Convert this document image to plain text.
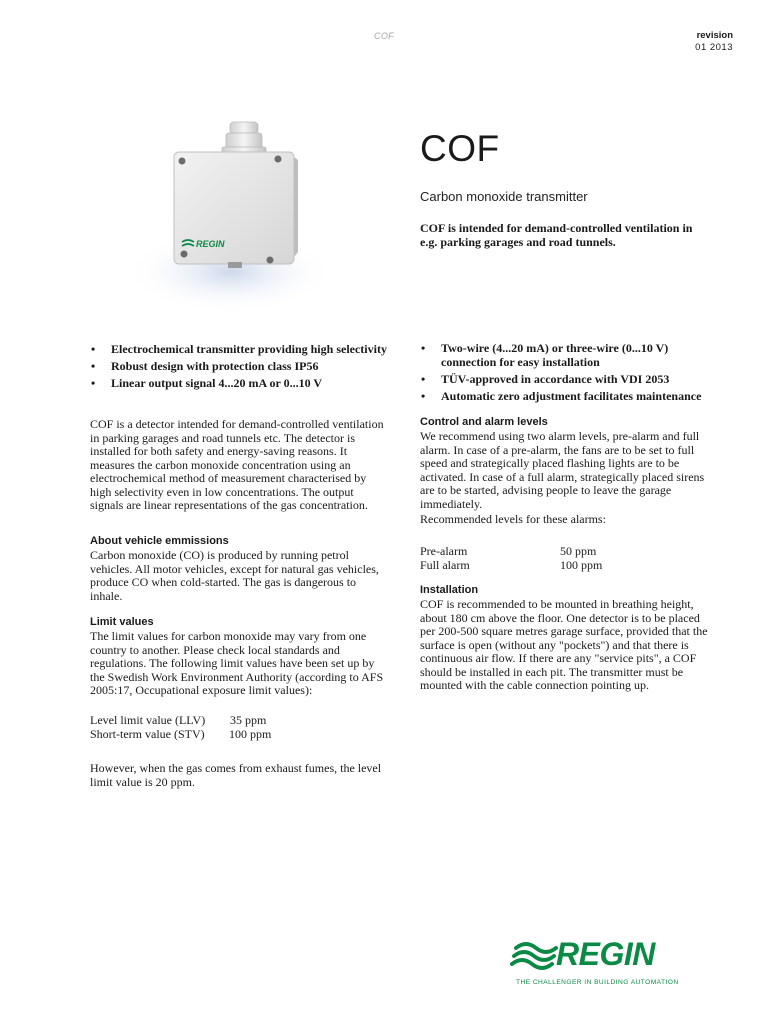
COF	revision
01 2013
REGIN
COF
Carbon monoxide transmitter
COF is intended for demand-controlled ventilation in e.g. parking garages and road tunnels.
• Electrochemical transmitter providing high selectivity
• Robust design with protection class IP56
• Linear output signal 4...20 mA or 0...10 V
• Two-wire (4...20 mA) or three-wire (0...10 V) connection for easy installation
• TÜV-approved in accordance with VDI 2053
• Automatic zero adjustment facilitates maintenance

COF is a detector intended for demand-controlled ventilation in parking garages and road tunnels etc. The detector is installed for both safety and energy-saving reasons. It measures the carbon monoxide concentration using an electrochemical method of measurement characterised by high selectivity even in low concentrations. The output signals are linear representations of the gas concentration.

About vehicle emmissions

Carbon monoxide (CO) is produced by running petrol vehicles. All motor vehicles, except for natural gas vehicles, produce CO when cold-started. The gas is dangerous to inhale.

Limit values

The limit values for carbon monoxide may vary from one country to another. Please check local standards and regulations. The following limit values have been set up by the Swedish Work Environment Authority (according to AFS 2005:17, Occupational exposure limit values):

Level limit value (LLV)	35 ppm
Short-term value (STV)	100 ppm

However, when the gas comes from exhaust fumes, the level limit value is 20 ppm.

Control and alarm levels

We recommend using two alarm levels, pre-alarm and full alarm. In case of a pre-alarm, the fans are to be set to full speed and strategically placed flashing lights are to be activated. In case of a full alarm, strategically placed sirens are to be started, advising people to leave the garage immediately.

Recommended levels for these alarms:

Pre-alarm	50 ppm
Full alarm	100 ppm
Installation

COF is recommended to be mounted in breathing height, about 180 cm above the floor. One detector is to be placed per 200-500 square metres garage surface, provided that the surface is open (without any "pockets") and that there is continuous air flow. If there are any "service pits", a COF should be installed in each pit. The transmitter must be mounted with the cable connection pointing up.

REGIN
THE CHALLENGER IN BUILDING AUTOMATION
